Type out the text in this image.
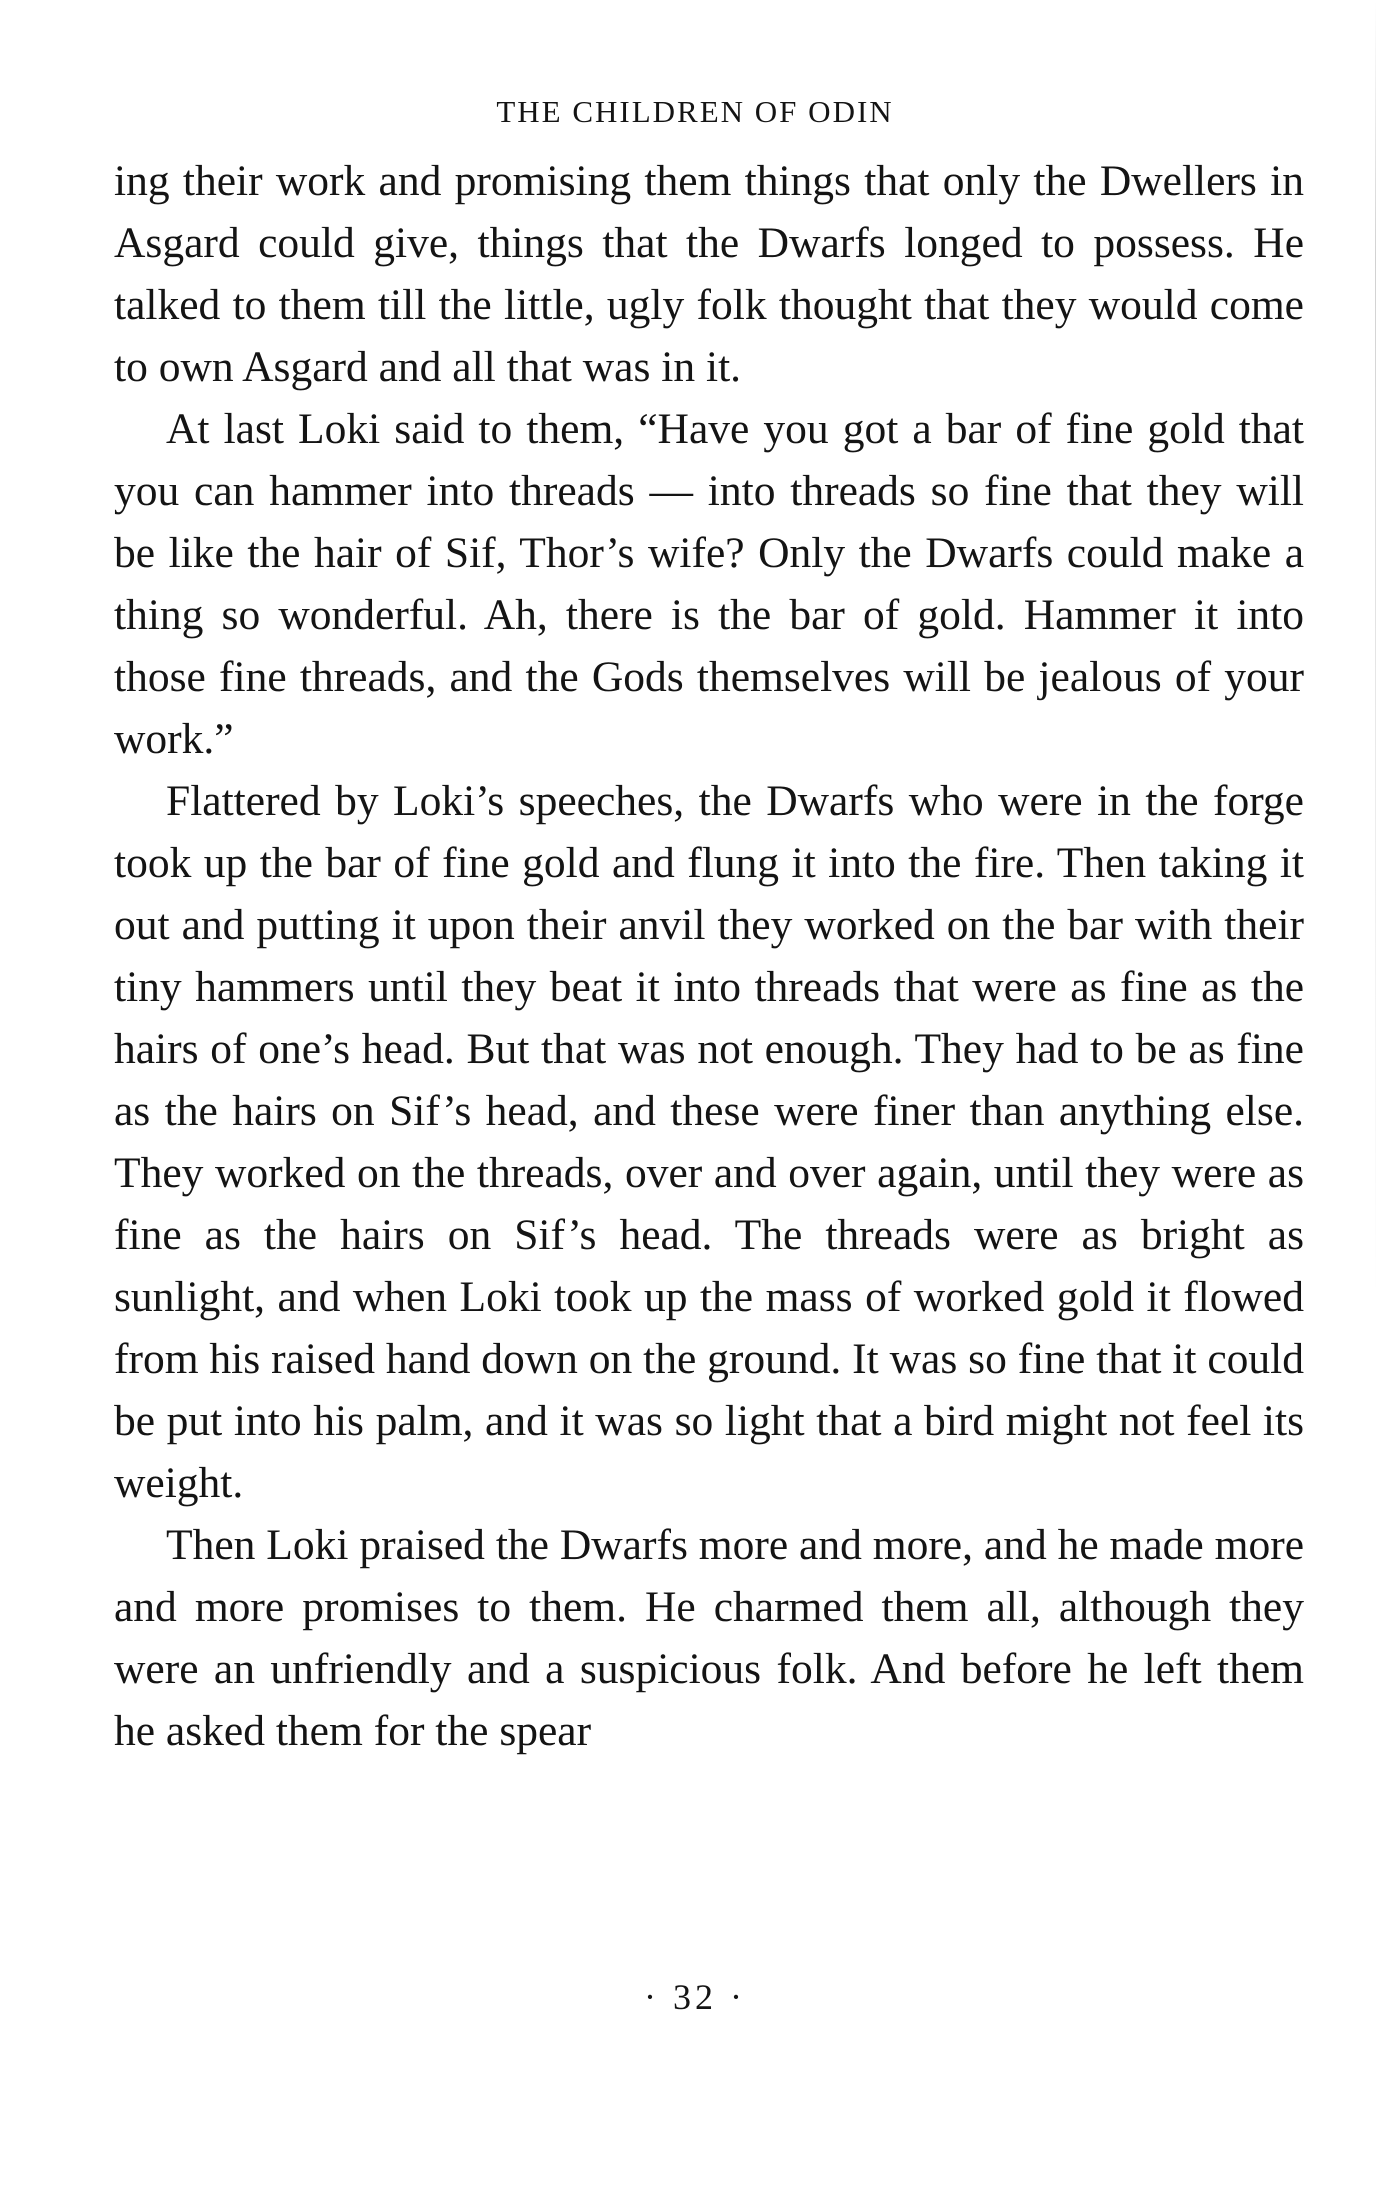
THE CHILDREN OF ODIN

ing their work and promising them things that only the Dwellers in Asgard could give, things that the Dwarfs longed to possess. He talked to them till the little, ugly folk thought that they would come to own Asgard and all that was in it.

At last Loki said to them, “Have you got a bar of fine gold that you can hammer into threads — into threads so fine that they will be like the hair of Sif, Thor’s wife? Only the Dwarfs could make a thing so wonderful. Ah, there is the bar of gold. Hammer it into those fine threads, and the Gods themselves will be jealous of your work.”

Flattered by Loki’s speeches, the Dwarfs who were in the forge took up the bar of fine gold and flung it into the fire. Then taking it out and putting it upon their anvil they worked on the bar with their tiny hammers until they beat it into threads that were as fine as the hairs of one’s head. But that was not enough. They had to be as fine as the hairs on Sif’s head, and these were finer than anything else. They worked on the threads, over and over again, until they were as fine as the hairs on Sif’s head. The threads were as bright as sunlight, and when Loki took up the mass of worked gold it flowed from his raised hand down on the ground. It was so fine that it could be put into his palm, and it was so light that a bird might not feel its weight.

Then Loki praised the Dwarfs more and more, and he made more and more promises to them. He charmed them all, although they were an unfriendly and a suspicious folk. And before he left them he asked them for the spear

· 32 ·
